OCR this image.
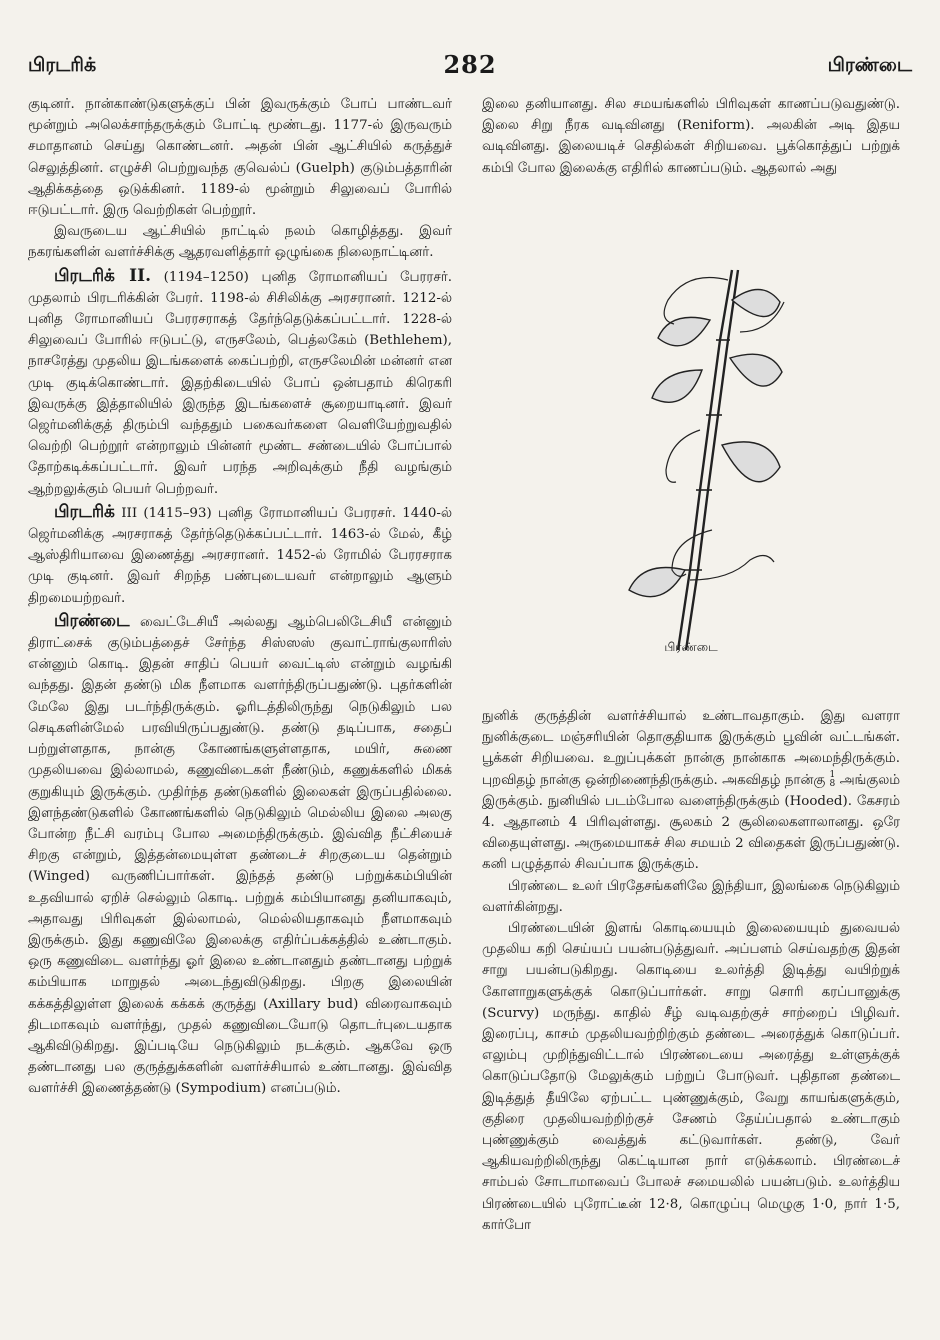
பிரடரிக்	282	பிரண்டை

குடினர். நான்காண்டுகளுக்குப் பின் இவருக்கும் போப் பாண்டவர் மூன்றும் அலெக்சாந்தருக்கும் போட்டி மூண்டது. 1177-ல் இருவரும் சமாதானம் செய்து கொண்டனர். அதன் பின் ஆட்சியில் கருத்துச் செலுத்தினர். எழுச்சி பெற்றுவந்த குவெல்ப் (Guelph) குடும்பத்தாரின் ஆதிக்கத்தை ஒடுக்கினர். 1189-ல் மூன்றும் சிலுவைப் போரில் ஈடுபட்டார். இரு வெற்றிகள் பெற்றூர்.

இவருடைய ஆட்சியில் நாட்டில் நலம் கொழித்தது. இவர் நகரங்களின் வளர்ச்சிக்கு ஆதரவளித்தார் ஒழுங்கை நிலைநாட்டினர்.

பிரடரிக் II. (1194–1250) புனித ரோமானியப் பேரரசர். முதலாம் பிரடரிக்கின் பேரர். 1198-ல் சிசிலிக்கு அரசரானர். 1212-ல் புனித ரோமானியப் பேரரசராகத் தேர்ந்தெடுக்கப்பட்டார். 1228-ல் சிலுவைப் போரில் ஈடுபட்டு, எருசலேம், பெத்லகேம் (Bethlehem), நாசரேத்து முதலிய இடங்களைக் கைப்பற்றி, எருசலேமின் மன்னர் என முடி குடிக்கொண்டார். இதற்கிடையில் போப் ஒன்பதாம் கிரெகரி இவருக்கு இத்தாலியில் இருந்த இடங்களைச் சூறையாடினர். இவர் ஜெர்மனிக்குத் திரும்பி வந்ததும் பகைவர்களை வெளியேற்றுவதில் வெற்றி பெற்றூர் என்றாலும் பின்னர் மூண்ட சண்டையில் போப்பால் தோற்கடிக்கப்பட்டார். இவர் பரந்த அறிவுக்கும் நீதி வழங்கும் ஆற்றலுக்கும் பெயர் பெற்றவர்.

பிரடரிக் III (1415–93) புனித ரோமானியப் பேரரசர். 1440-ல் ஜெர்மனிக்கு அரசராகத் தேர்ந்தெடுக்கப்பட்டார். 1463-ல் மேல், கீழ் ஆஸ்திரியாவை இணைத்து அரசரானர். 1452-ல் ரோமில் பேரரசராக முடி குடினர். இவர் சிறந்த பண்புடையவர் என்றாலும் ஆளும் திறமையற்றவர்.

பிரண்டை வைட்டேசியீ அல்லது ஆம்பெலிடேசியீ என்னும் திராட்சைக் குடும்பத்தைச் சேர்ந்த சிஸ்ஸஸ் குவாட்ராங்குலாரிஸ் என்னும் கொடி. இதன் சாதிப் பெயர் வைட்டிஸ் என்றும் வழங்கி வந்தது. இதன் தண்டு மிக நீளமாக வளர்ந்திருப்பதுண்டு. புதர்களின் மேலே இது படர்ந்திருக்கும். ஓரிடத்திலிருந்து நெடுகிலும் பல செடிகளின்மேல் பரவியிருப்பதுண்டு. தண்டு தடிப்பாக, சதைப் பற்றுள்ளதாக, நான்கு கோணங்களுள்ளதாக, மயிர், சுணை முதலியவை இல்லாமல், கணுவிடைகள் நீண்டும், கணுக்களில் மிகக் குறுகியும் இருக்கும். முதிர்ந்த தண்டுகளில் இலைகள் இருப்பதில்லை. இளந்தண்டுகளில் கோணங்களில் நெடுகிலும் மெல்லிய இலை அலகு போன்ற நீட்சி வரம்பு போல அமைந்திருக்கும். இவ்வித நீட்சியைச் சிறகு என்றும், இத்தன்மையுள்ள தண்டைச் சிறகுடைய தென்றும் (Winged) வருணிப்பார்கள். இந்தத் தண்டு பற்றுக்கம்பியின் உதவியால் ஏறிச் செல்லும் கொடி. பற்றுக் கம்பியானது தனியாகவும், அதாவது பிரிவுகள் இல்லாமல், மெல்லியதாகவும் நீளமாகவும் இருக்கும். இது கணுவிலே இலைக்கு எதிர்ப்பக்கத்தில் உண்டாகும். ஒரு கணுவிடை வளர்ந்து ஓர் இலை உண்டானதும் தண்டானது பற்றுக் கம்பியாக மாறுதல் அடைந்துவிடுகிறது. பிறகு இலையின் கக்கத்திலுள்ள இலைக் கக்கக் குருத்து (Axillary bud) விரைவாகவும் திடமாகவும் வளர்ந்து, முதல் கணுவிடையோடு தொடர்புடையதாக ஆகிவிடுகிறது. இப்படியே நெடுகிலும் நடக்கும். ஆகவே ஒரு தண்டானது பல குருத்துக்களின் வளர்ச்சியால் உண்டானது. இவ்வித வளர்ச்சி இணைத்தண்டு (Sympodium) எனப்படும்.

இலை தனியானது. சில சமயங்களில் பிரிவுகள் காணப்படுவதுண்டு. இலை சிறு நீரக வடிவினது (Reniform). அலகின் அடி இதய வடிவினது. இலையடிச் செதில்கள் சிறியவை. பூக்கொத்துப் பற்றுக் கம்பி போல இலைக்கு எதிரில் காணப்படும். ஆதலால் அது

பிரண்டை

நுனிக் குருத்தின் வளர்ச்சியால் உண்டாவதாகும். இது வளரா நுனிக்குடை மஞ்சரியின் தொகுதியாக இருக்கும் பூவின் வட்டங்கள். பூக்கள் சிறியவை. உறுப்புக்கள் நான்கு நான்காக அமைந்திருக்கும். புறவிதழ் நான்கு ஒன்றிணைந்திருக்கும். அகவிதழ் நான்கு 1
8 அங்குலம் இருக்கும். நுனியில் படம்போல வளைந்திருக்கும் (Hooded). கேசரம் 4. ஆதானம் 4 பிரிவுள்ளது. சூலகம் 2 சூலிலைகளாலானது. ஒரே விதையுள்ளது. அருமையாகச் சில சமயம் 2 விதைகள் இருப்பதுண்டு. கனி பழுத்தால் சிவப்பாக இருக்கும்.

பிரண்டை உலர் பிரதேசங்களிலே இந்தியா, இலங்கை நெடுகிலும் வளர்கின்றது.

பிரண்டையின் இளங் கொடியையும் இலையையும் துவையல் முதலிய கறி செய்யப் பயன்படுத்துவர். அப்பளம் செய்வதற்கு இதன் சாறு பயன்படுகிறது. கொடியை உலர்த்தி இடித்து வயிற்றுக் கோளாறுகளுக்குக் கொடுப்பார்கள். சாறு சொரி கரப்பானுக்கு (Scurvy) மருந்து. காதில் சீழ் வடிவதற்குச் சாற்றைப் பிழிவர். இரைப்பு, காசம் முதலியவற்றிற்கும் தண்டை அரைத்துக் கொடுப்பர். எலும்பு முறிந்துவிட்டால் பிரண்டையை அரைத்து உள்ளுக்குக் கொடுப்பதோடு மேலுக்கும் பற்றுப் போடுவர். புதிதான தண்டை இடித்துத் தீயிலே ஏற்பட்ட புண்ணுக்கும், வேறு காயங்களுக்கும், குதிரை முதலியவற்றிற்குச் சேணம் தேய்ப்பதால் உண்டாகும் புண்ணுக்கும் வைத்துக் கட்டுவார்கள். தண்டு, வேர் ஆகியவற்றிலிருந்து கெட்டியான நார் எடுக்கலாம். பிரண்டைச் சாம்பல் சோடாமாவைப் போலச் சமையலில் பயன்படும். உலர்த்திய பிரண்டையில் புரோட்டீன் 12·8, கொழுப்பு மெழுகு 1·0, நார் 1·5, கார்போ
